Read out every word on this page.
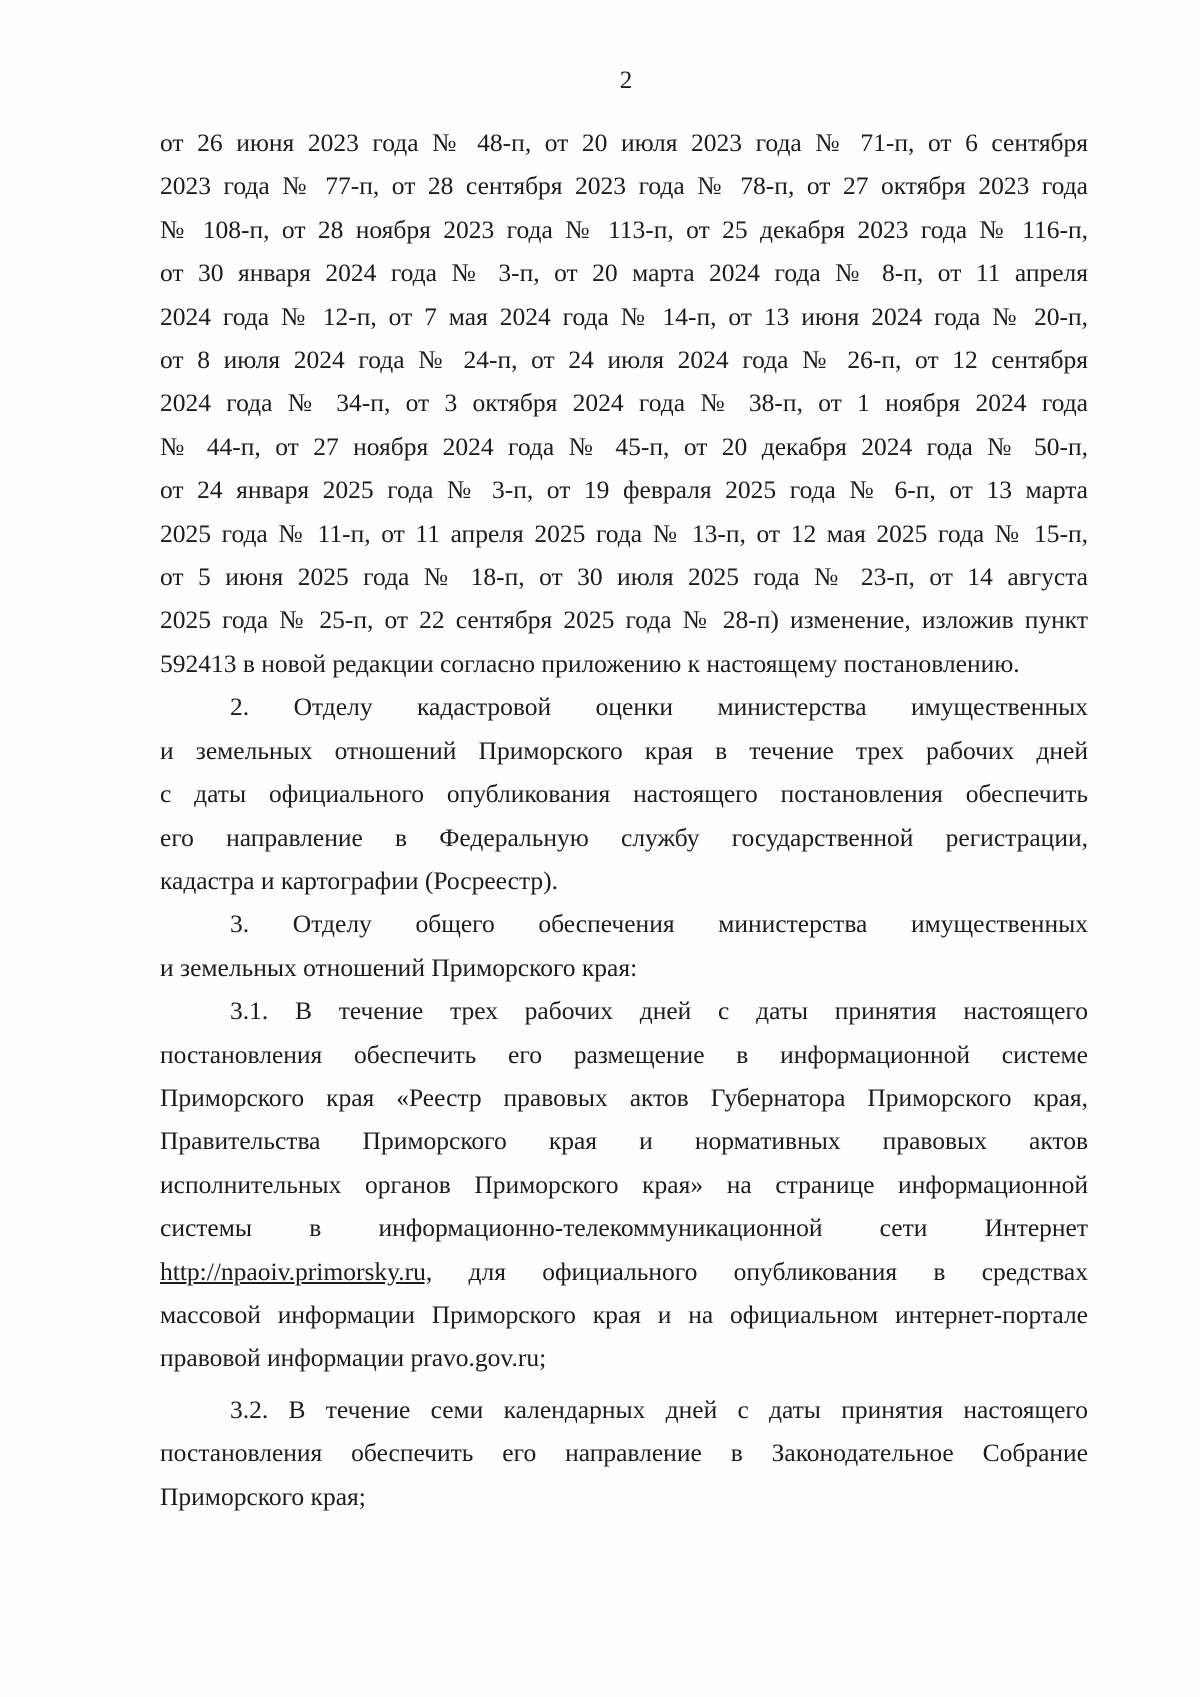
2
от 26 июня 2023 года № 48-п, от 20 июля 2023 года № 71-п, от 6 сентября
2023 года № 77-п, от 28 сентября 2023 года № 78-п, от 27 октября 2023 года
№ 108-п, от 28 ноября 2023 года № 113-п, от 25 декабря 2023 года № 116-п,
от 30 января 2024 года № 3-п, от 20 марта 2024 года № 8-п, от 11 апреля
2024 года № 12-п, от 7 мая 2024 года № 14-п, от 13 июня 2024 года № 20-п,
от 8 июля 2024 года № 24-п, от 24 июля 2024 года № 26-п, от 12 сентября
2024 года № 34-п, от 3 октября 2024 года № 38-п, от 1 ноября 2024 года
№ 44-п, от 27 ноября 2024 года № 45-п, от 20 декабря 2024 года № 50-п,
от 24 января 2025 года № 3-п, от 19 февраля 2025 года № 6-п, от 13 марта
2025 года № 11-п, от 11 апреля 2025 года № 13-п, от 12 мая 2025 года № 15-п,
от 5 июня 2025 года № 18-п, от 30 июля 2025 года № 23-п, от 14 августа
2025 года № 25-п, от 22 сентября 2025 года № 28-п) изменение, изложив пункт
592413 в новой редакции согласно приложению к настоящему постановлению.
2. Отделу кадастровой оценки министерства имущественных
и земельных отношений Приморского края в течение трех рабочих дней
с даты официального опубликования настоящего постановления обеспечить
его направление в Федеральную службу государственной регистрации,
кадастра и картографии (Росреестр).
3. Отделу общего обеспечения министерства имущественных
и земельных отношений Приморского края:
3.1. В течение трех рабочих дней с даты принятия настоящего
постановления обеспечить его размещение в информационной системе
Приморского края «Реестр правовых актов Губернатора Приморского края,
Правительства Приморского края и нормативных правовых актов
исполнительных органов Приморского края» на странице информационной
системы в информационно-телекоммуникационной сети Интернет
http://npaoiv.primorsky.ru, для официального опубликования в средствах
массовой информации Приморского края и на официальном интернет-портале
правовой информации pravo.gov.ru;
3.2. В течение семи календарных дней с даты принятия настоящего
постановления обеспечить его направление в Законодательное Собрание
Приморского края;
